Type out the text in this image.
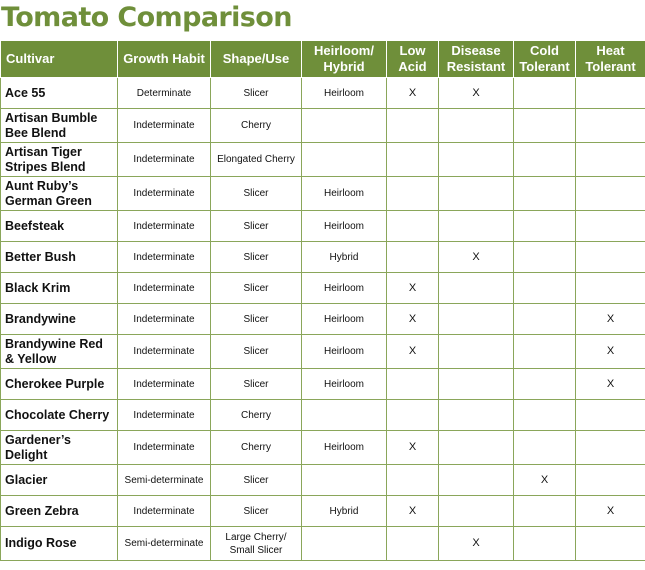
Tomato Comparison
Cultivar	Growth Habit	Shape/Use	Heirloom/ Hybrid	Low Acid	Disease Resistant	Cold Tolerant	Heat Tolerant
Ace 55	Determinate	Slicer	Heirloom	X	X		
Artisan Bumble Bee Blend	Indeterminate	Cherry					
Artisan Tiger Stripes Blend	Indeterminate	Elongated Cherry					
Aunt Ruby’s German Green	Indeterminate	Slicer	Heirloom				
Beefsteak	Indeterminate	Slicer	Heirloom				
Better Bush	Indeterminate	Slicer	Hybrid		X		
Black Krim	Indeterminate	Slicer	Heirloom	X			
Brandywine	Indeterminate	Slicer	Heirloom	X			X
Brandywine Red & Yellow	Indeterminate	Slicer	Heirloom	X			X
Cherokee Purple	Indeterminate	Slicer	Heirloom				X
Chocolate Cherry	Indeterminate	Cherry					
Gardener’s Delight	Indeterminate	Cherry	Heirloom	X			
Glacier	Semi-determinate	Slicer				X	
Green Zebra	Indeterminate	Slicer	Hybrid	X			X
Indigo Rose	Semi-determinate	Large Cherry/ Small Slicer			X		
